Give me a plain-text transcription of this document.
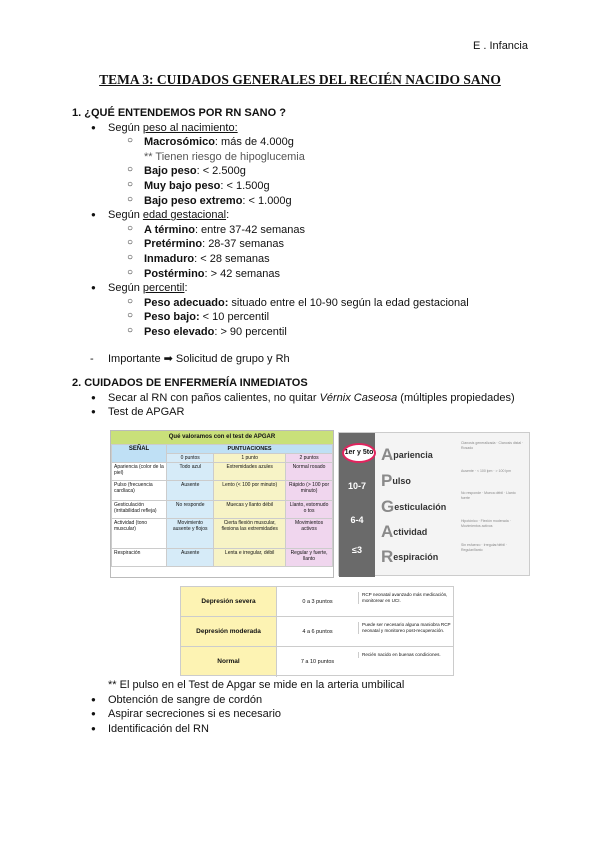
E . Infancia
TEMA 3: CUIDADOS GENERALES DEL RECIÉN NACIDO SANO
1. ¿QUÉ ENTENDEMOS POR RN SANO ?
● Según peso al nacimiento:
○ Macrosómico: más de 4.000g
** Tienen riesgo de hipoglucemia
○ Bajo peso: < 2.500g
○ Muy bajo peso: < 1.500g
○ Bajo peso extremo: < 1.000g
● Según edad gestacional:
○ A término: entre 37-42 semanas
○ Pretérmino: 28-37 semanas
○ Inmaduro: < 28 semanas
○ Postérmino: > 42 semanas
● Según percentil:
○ Peso adecuado: situado entre el 10-90 según la edad gestacional
○ Peso bajo: < 10 percentil
○ Peso elevado: > 90 percentil
- Importante ➡ Solicitud de grupo y Rh
2. CUIDADOS DE ENFERMERÍA INMEDIATOS
● Secar al RN con paños calientes, no quitar Vérnix Caseosa (múltiples propiedades)
● Test de APGAR
Qué valoramos con el test de APGAR
SEÑAL	PUNTUACIONES		
	0 puntos	1 punto	2 puntos
Apariencia (color de la piel)	Todo azul	Extremidades azules	Normal rosado
Pulso (frecuencia cardíaca)	Ausente	Lento (< 100 por minuto)	Rápido (> 100 por minuto)
Gesticulación (irritabilidad refleja)	No responde	Muecas y llanto débil	Llanto, estornudo o tos
Actividad (tono muscular)	Movimiento ausente y flojos	Cierta flexión muscular, flexiona las extremidades	Movimientos activos
Respiración	Ausente	Lenta e irregular, débil	Regular y fuerte, llanto
1er y 5to
10-7
6-4
≤3
Apariencia
Cianosis generalizada · Cianosis distal · Rosado
Pulso
Ausente · < 100 lpm · > 100 lpm
Gesticulación
No responde · Mueca débil · Llanto fuerte
Actividad
Hipotónico · Flexión moderada · Movimientos activos
Respiración
Sin esfuerzo · Irregular/débil · Regular/llanto
Depresión severa	0 a 3 puntos
RCP neonatal avanzado más medicación, monitorear en UCI.
Depresión moderada	4 a 6 puntos
Puede ser necesario alguna maniobra RCP neonatal y monitoreo post-recuperación.
Normal	7 a 10 puntos
Recién nacido en buenas condiciones.
** El pulso en el Test de Apgar se mide en la arteria umbilical
● Obtención de sangre de cordón
● Aspirar secreciones si es necesario
● Identificación del RN
